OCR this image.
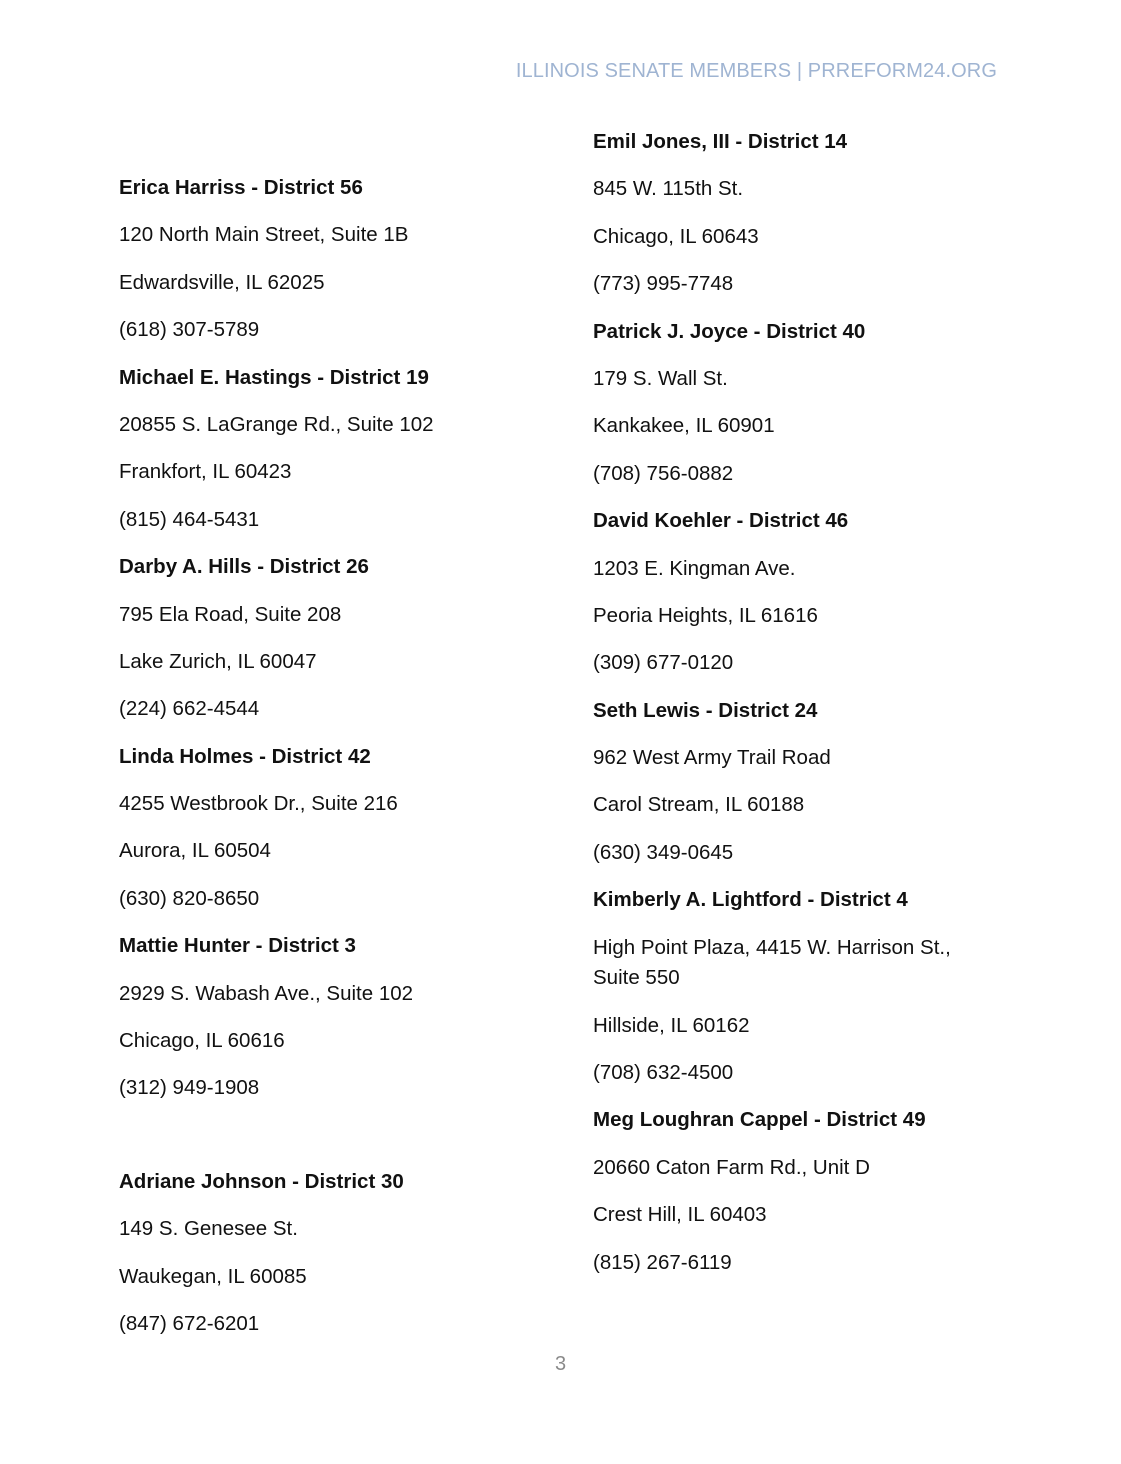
ILLINOIS SENATE MEMBERS | PRREFORM24.ORG
Erica Harriss - District 56
120 North Main Street, Suite 1B
Edwardsville, IL 62025
(618) 307-5789
Michael E. Hastings - District 19
20855 S. LaGrange Rd., Suite 102
Frankfort, IL 60423
(815) 464-5431
Darby A. Hills - District 26
795 Ela Road, Suite 208
Lake Zurich, IL 60047
(224) 662-4544
Linda Holmes - District 42
4255 Westbrook Dr., Suite 216
Aurora, IL 60504
(630) 820-8650
Mattie Hunter - District 3
2929 S. Wabash Ave., Suite 102
Chicago, IL 60616
(312) 949-1908
Adriane Johnson - District 30
149 S. Genesee St.
Waukegan, IL 60085
(847) 672-6201
Emil Jones, III - District 14
845 W. 115th St.
Chicago, IL 60643
(773) 995-7748
Patrick J. Joyce - District 40
179 S. Wall St.
Kankakee, IL 60901
(708) 756-0882
David Koehler - District 46
1203 E. Kingman Ave.
Peoria Heights, IL 61616
(309) 677-0120
Seth Lewis - District 24
962 West Army Trail Road
Carol Stream, IL 60188
(630) 349-0645
Kimberly A. Lightford - District 4
High Point Plaza, 4415 W. Harrison St., Suite 550
Hillside, IL 60162
(708) 632-4500
Meg Loughran Cappel - District 49
20660 Caton Farm Rd., Unit D
Crest Hill, IL 60403
(815) 267-6119
3
